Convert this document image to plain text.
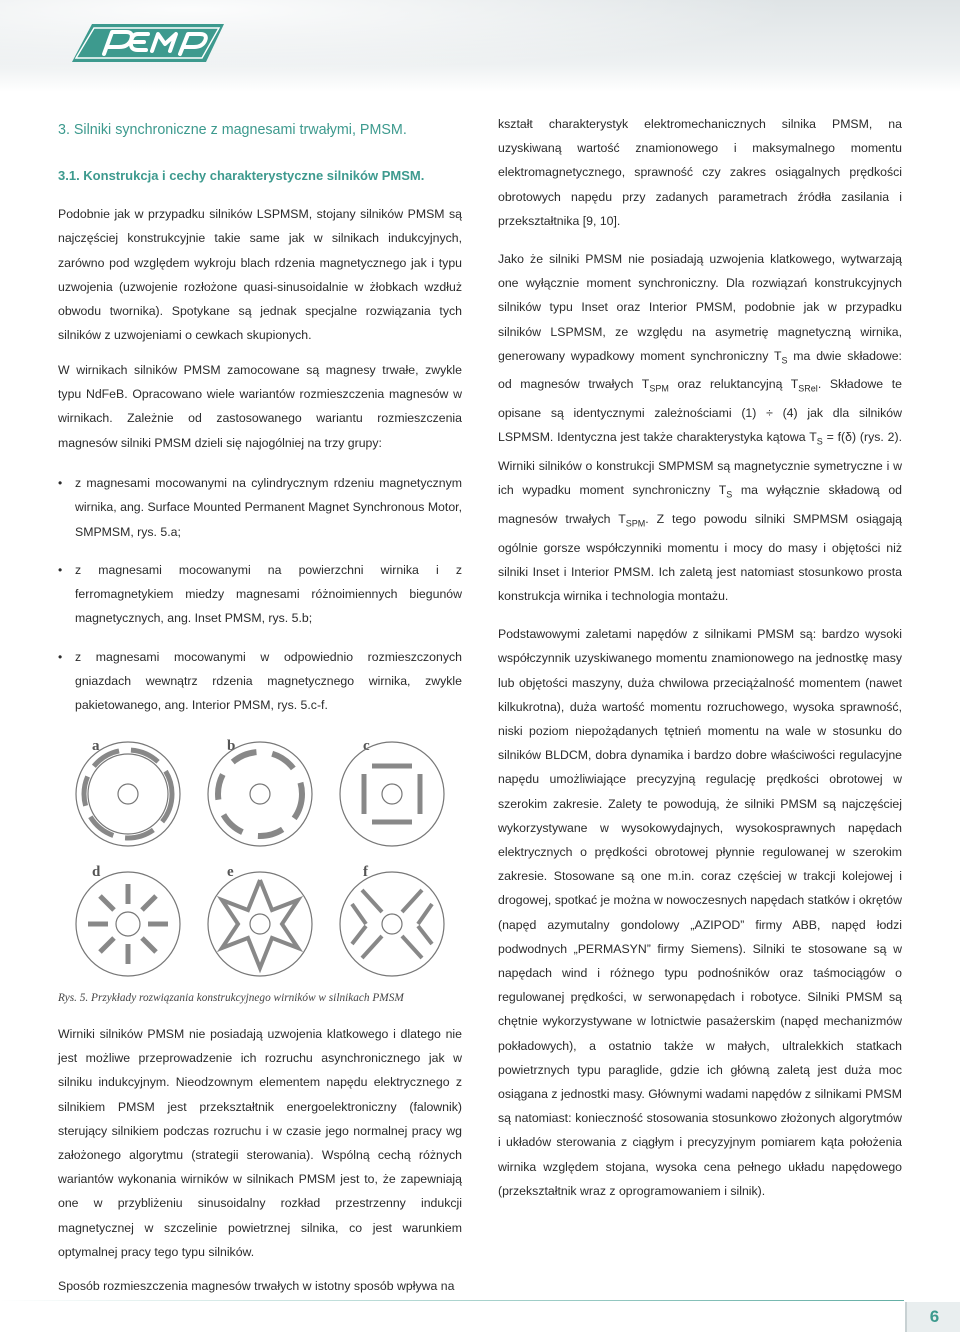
3. Silniki synchroniczne z magnesami trwałymi, PMSM.
3.1. Konstrukcja i cechy charakterystyczne silników PMSM.

Podobnie jak w przypadku silników LSPMSM, stojany silników PMSM są najczęściej konstrukcyjnie takie same jak w silnikach indukcyjnych, zarówno pod względem wykroju blach rdzenia magnetycznego jak i typu uzwojenia (uzwojenie rozłożone quasi-sinusoidalnie w żłobkach wzdłuż obwodu twornika). Spotykane są jednak specjalne rozwiązania tych silników z uzwojeniami o cewkach skupionych.

W wirnikach silników PMSM zamocowane są magnesy trwałe, zwykle typu NdFeB. Opracowano wiele wariantów rozmieszczenia magnesów w wirnikach. Zależnie od zastosowanego wariantu rozmieszczenia magnesów silniki PMSM dzieli się najogólniej na trzy grupy:

• z magnesami mocowanymi na cylindrycznym rdzeniu magnetycznym wirnika, ang. Surface Mounted Permanent Magnet Synchronous Motor, SMPMSM, rys. 5.a;
• z magnesami mocowanymi na powierzchni wirnika i z ferromagnetykiem miedzy magnesami różnoimiennych biegunów magnetycznych, ang. Inset PMSM, rys. 5.b;
• z magnesami mocowanymi w odpowiednio rozmieszczonych gniazdach wewnątrz rdzenia magnetycznego wirnika, zwykle pakietowanego, ang. Interior PMSM, rys. 5.c-f.
a	b	c
d	e	f
Rys. 5. Przykłady rozwiązania konstrukcyjnego wirników w silnikach PMSM

Wirniki silników PMSM nie posiadają uzwojenia klatkowego i dlatego nie jest możliwe przeprowadzenie ich rozruchu asynchronicznego jak w silniku indukcyjnym. Nieodzownym elementem napędu elektrycznego z silnikiem PMSM jest przekształtnik energoelektroniczny (falownik) sterujący silnikiem podczas rozruchu i w czasie jego normalnej pracy wg założonego algorytmu (strategii sterowania). Wspólną cechą różnych wariantów wykonania wirników w silnikach PMSM jest to, że zapewniają one w przybliżeniu sinusoidalny rozkład przestrzenny indukcji magnetycznej w szczelinie powietrznej silnika, co jest warunkiem optymalnej pracy tego typu silników.

Sposób rozmieszczenia magnesów trwałych w istotny sposób wpływa na

kształt charakterystyk elektromechanicznych silnika PMSM, na uzyskiwaną wartość znamionowego i maksymalnego momentu elektromagnetycznego, sprawność czy zakres osiągalnych prędkości obrotowych napędu przy zadanych parametrach źródła zasilania i przekształtnika [9, 10].

Jako że silniki PMSM nie posiadają uzwojenia klatkowego, wytwarzają one wyłącznie moment synchroniczny. Dla rozwiązań konstrukcyjnych silników typu Inset oraz Interior PMSM, podobnie jak w przypadku silników LSPMSM, ze względu na asymetrię magnetyczną wirnika, generowany wypadkowy moment synchroniczny $T_S$ ma dwie składowe: od magnesów trwałych $T_{SPM}$ oraz reluktancyjną $T_{SRel}$. Składowe te opisane są identycznymi zależnościami (1) ÷ (4) jak dla silników LSPMSM. Identyczna jest także charakterystyka kątowa $T_S = f(\delta)$ (rys. 2). Wirniki silników o konstrukcji SMPMSM są magnetycznie symetryczne i w ich wypadku moment synchroniczny $T_S$ ma wyłącznie składową od magnesów trwałych $T_{SPM}$. Z tego powodu silniki SMPMSM osiągają ogólnie gorsze współczynniki momentu i mocy do masy i objętości niż silniki Inset i Interior PMSM. Ich zaletą jest natomiast stosunkowo prosta konstrukcja wirnika i technologia montażu.

Podstawowymi zaletami napędów z silnikami PMSM są: bardzo wysoki współczynnik uzyskiwanego momentu znamionowego na jednostkę masy lub objętości maszyny, duża chwilowa przeciążalność momentem (nawet kilkukrotna), duża wartość momentu rozruchowego, wysoka sprawność, niski poziom niepożądanych tętnień momentu na wale w stosunku do silników BLDCM, dobra dynamika i bardzo dobre właściwości regulacyjne napędu umożliwiające precyzyjną regulację prędkości obrotowej w szerokim zakresie. Zalety te powodują, że silniki PMSM są najczęściej wykorzystywane w wysokowydajnych, wysokosprawnych napędach elektrycznych o prędkości obrotowej płynnie regulowanej w szerokim zakresie. Stosowane są one m.in. coraz częściej w trakcji kolejowej i drogowej, spotkać je można w nowoczesnych napędach statków i okrętów (napęd azymutalny gondolowy „AZIPOD” firmy ABB, napęd łodzi podwodnych „PERMASYN” firmy Siemens). Silniki te stosowane są w napędach wind i różnego typu podnośników oraz taśmociągów o regulowanej prędkości, w serwonapędach i robotyce. Silniki PMSM są chętnie wykorzystywane w lotnictwie pasażerskim (napęd mechanizmów pokładowych), a ostatnio także w małych, ultralekkich statkach powietrznych typu paraglide, gdzie ich główną zaletą jest duża moc osiągana z jednostki masy. Głównymi wadami napędów z silnikami PMSM są natomiast: konieczność stosowania stosunkowo złożonych algorytmów i układów sterowania z ciągłym i precyzyjnym pomiarem kąta położenia wirnika względem stojana, wysoka cena pełnego układu napędowego (przekształtnik wraz z oprogramowaniem i silnik).

6
